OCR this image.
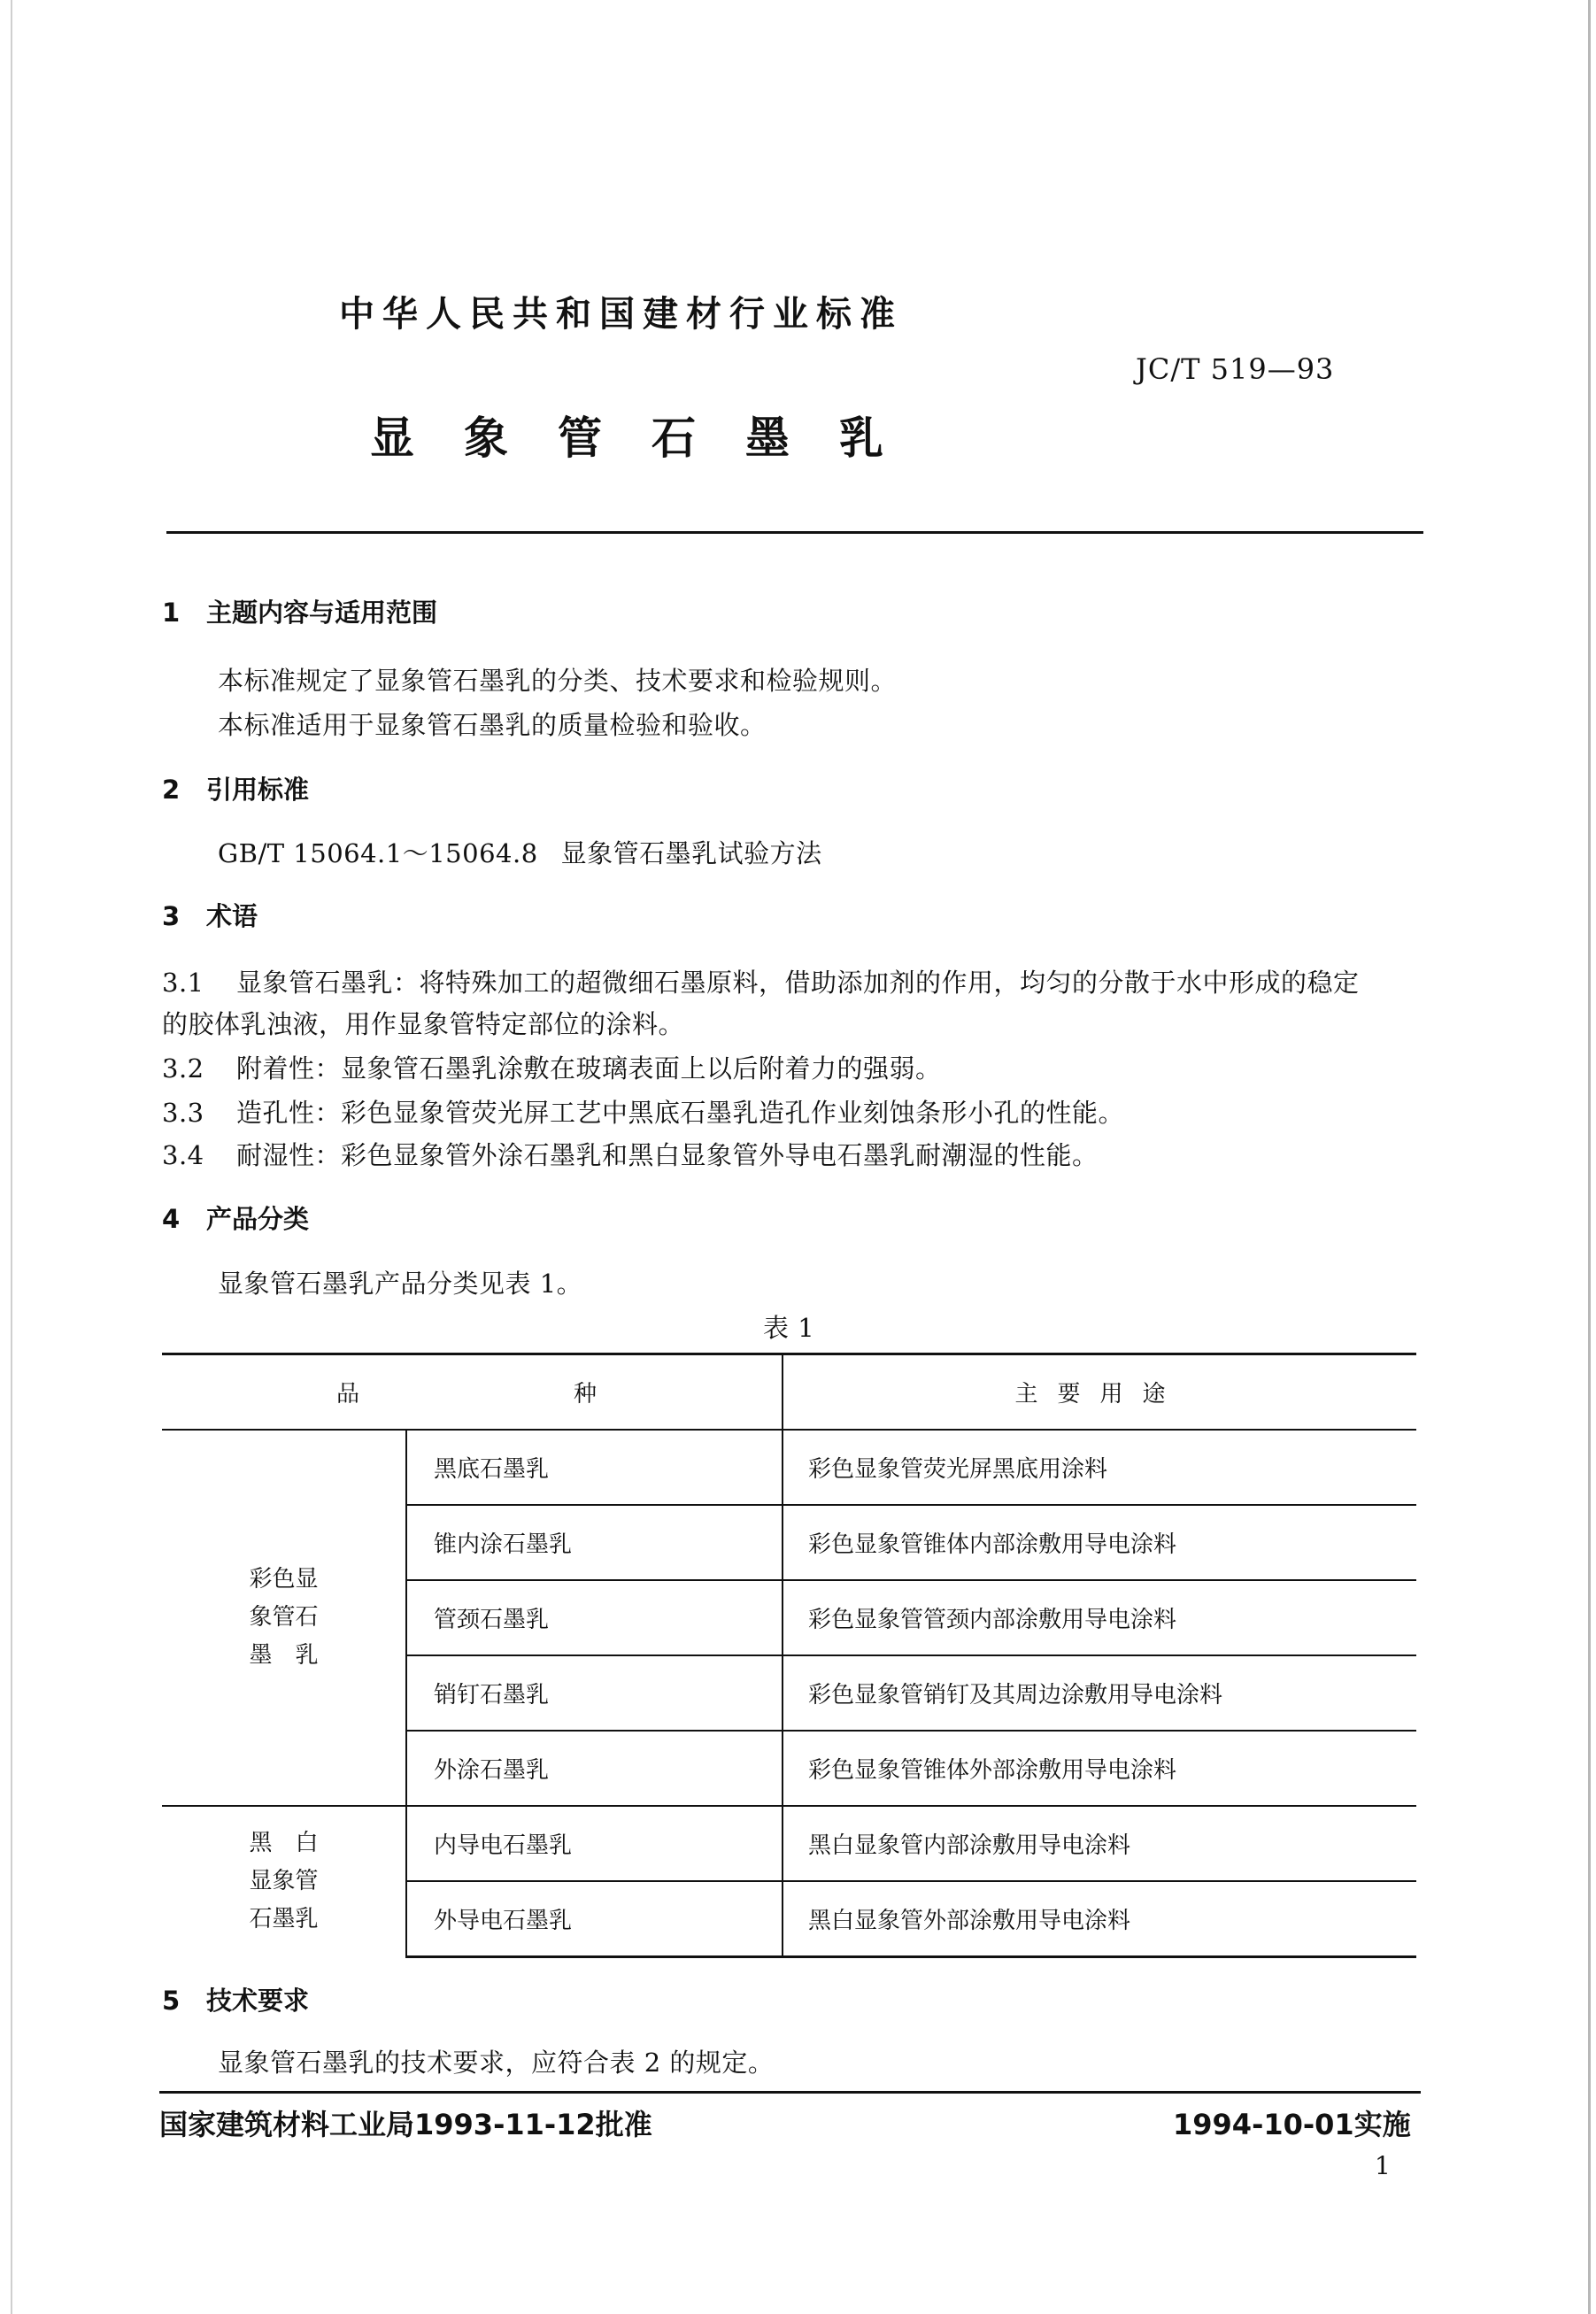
中华人民共和国建材行业标准
JC/T 519—93
显象管石墨乳
1 主题内容与适用范围
本标准规定了显象管石墨乳的分类、技术要求和检验规则。
本标准适用于显象管石墨乳的质量检验和验收。
2 引用标准
GB/T 15064.1～15064.8 显象管石墨乳试验方法
3 术语
3.1 显象管石墨乳：将特殊加工的超微细石墨原料，借助添加剂的作用，均匀的分散于水中形成的稳定
的胶体乳浊液，用作显象管特定部位的涂料。
3.2 附着性：显象管石墨乳涂敷在玻璃表面上以后附着力的强弱。
3.3 造孔性：彩色显象管荧光屏工艺中黑底石墨乳造孔作业刻蚀条形小孔的性能。
3.4 耐湿性：彩色显象管外涂石墨乳和黑白显象管外导电石墨乳耐潮湿的性能。
4 产品分类
显象管石墨乳产品分类见表 1。
表 1
品 种		主要用途

彩色显
象管石
墨　乳	黑底石墨乳	彩色显象管荧光屏黑底用涂料
	锥内涂石墨乳	彩色显象管锥体内部涂敷用导电涂料
	管颈石墨乳	彩色显象管管颈内部涂敷用导电涂料
	销钉石墨乳	彩色显象管销钉及其周边涂敷用导电涂料
	外涂石墨乳	彩色显象管锥体外部涂敷用导电涂料

黑　白
显象管
石墨乳	内导电石墨乳	黑白显象管内部涂敷用导电涂料
	外导电石墨乳	黑白显象管外部涂敷用导电涂料
5 技术要求
显象管石墨乳的技术要求，应符合表 2 的规定。
国家建筑材料工业局1993-11-12批准	1994-10-01实施
1
